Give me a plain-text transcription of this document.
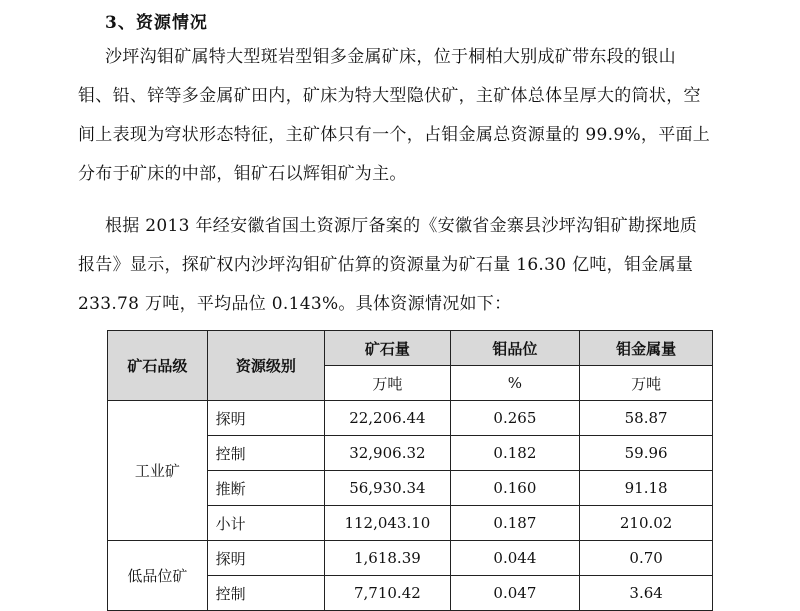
3、资源情况
沙坪沟钼矿属特大型斑岩型钼多金属矿床，位于桐柏大别成矿带东段的银山
钼、铅、锌等多金属矿田内，矿床为特大型隐伏矿，主矿体总体呈厚大的筒状，空
间上表现为穹状形态特征，主矿体只有一个，占钼金属总资源量的 99.9%，平面上
分布于矿床的中部，钼矿石以辉钼矿为主。
根据 2013 年经安徽省国土资源厅备案的《安徽省金寨县沙坪沟钼矿勘探地质
报告》显示，探矿权内沙坪沟钼矿估算的资源量为矿石量 16.30 亿吨，钼金属量
233.78 万吨，平均品位 0.143%。具体资源情况如下：
矿石品级	资源级别	矿石量	钼品位	钼金属量
		万吨	%	万吨
工业矿	探明	22,206.44	0.265	58.87
	控制	32,906.32	0.182	59.96
	推断	56,930.34	0.160	91.18
	小计	112,043.10	0.187	210.02
低品位矿	探明	1,618.39	0.044	0.70
	控制	7,710.42	0.047	3.64
